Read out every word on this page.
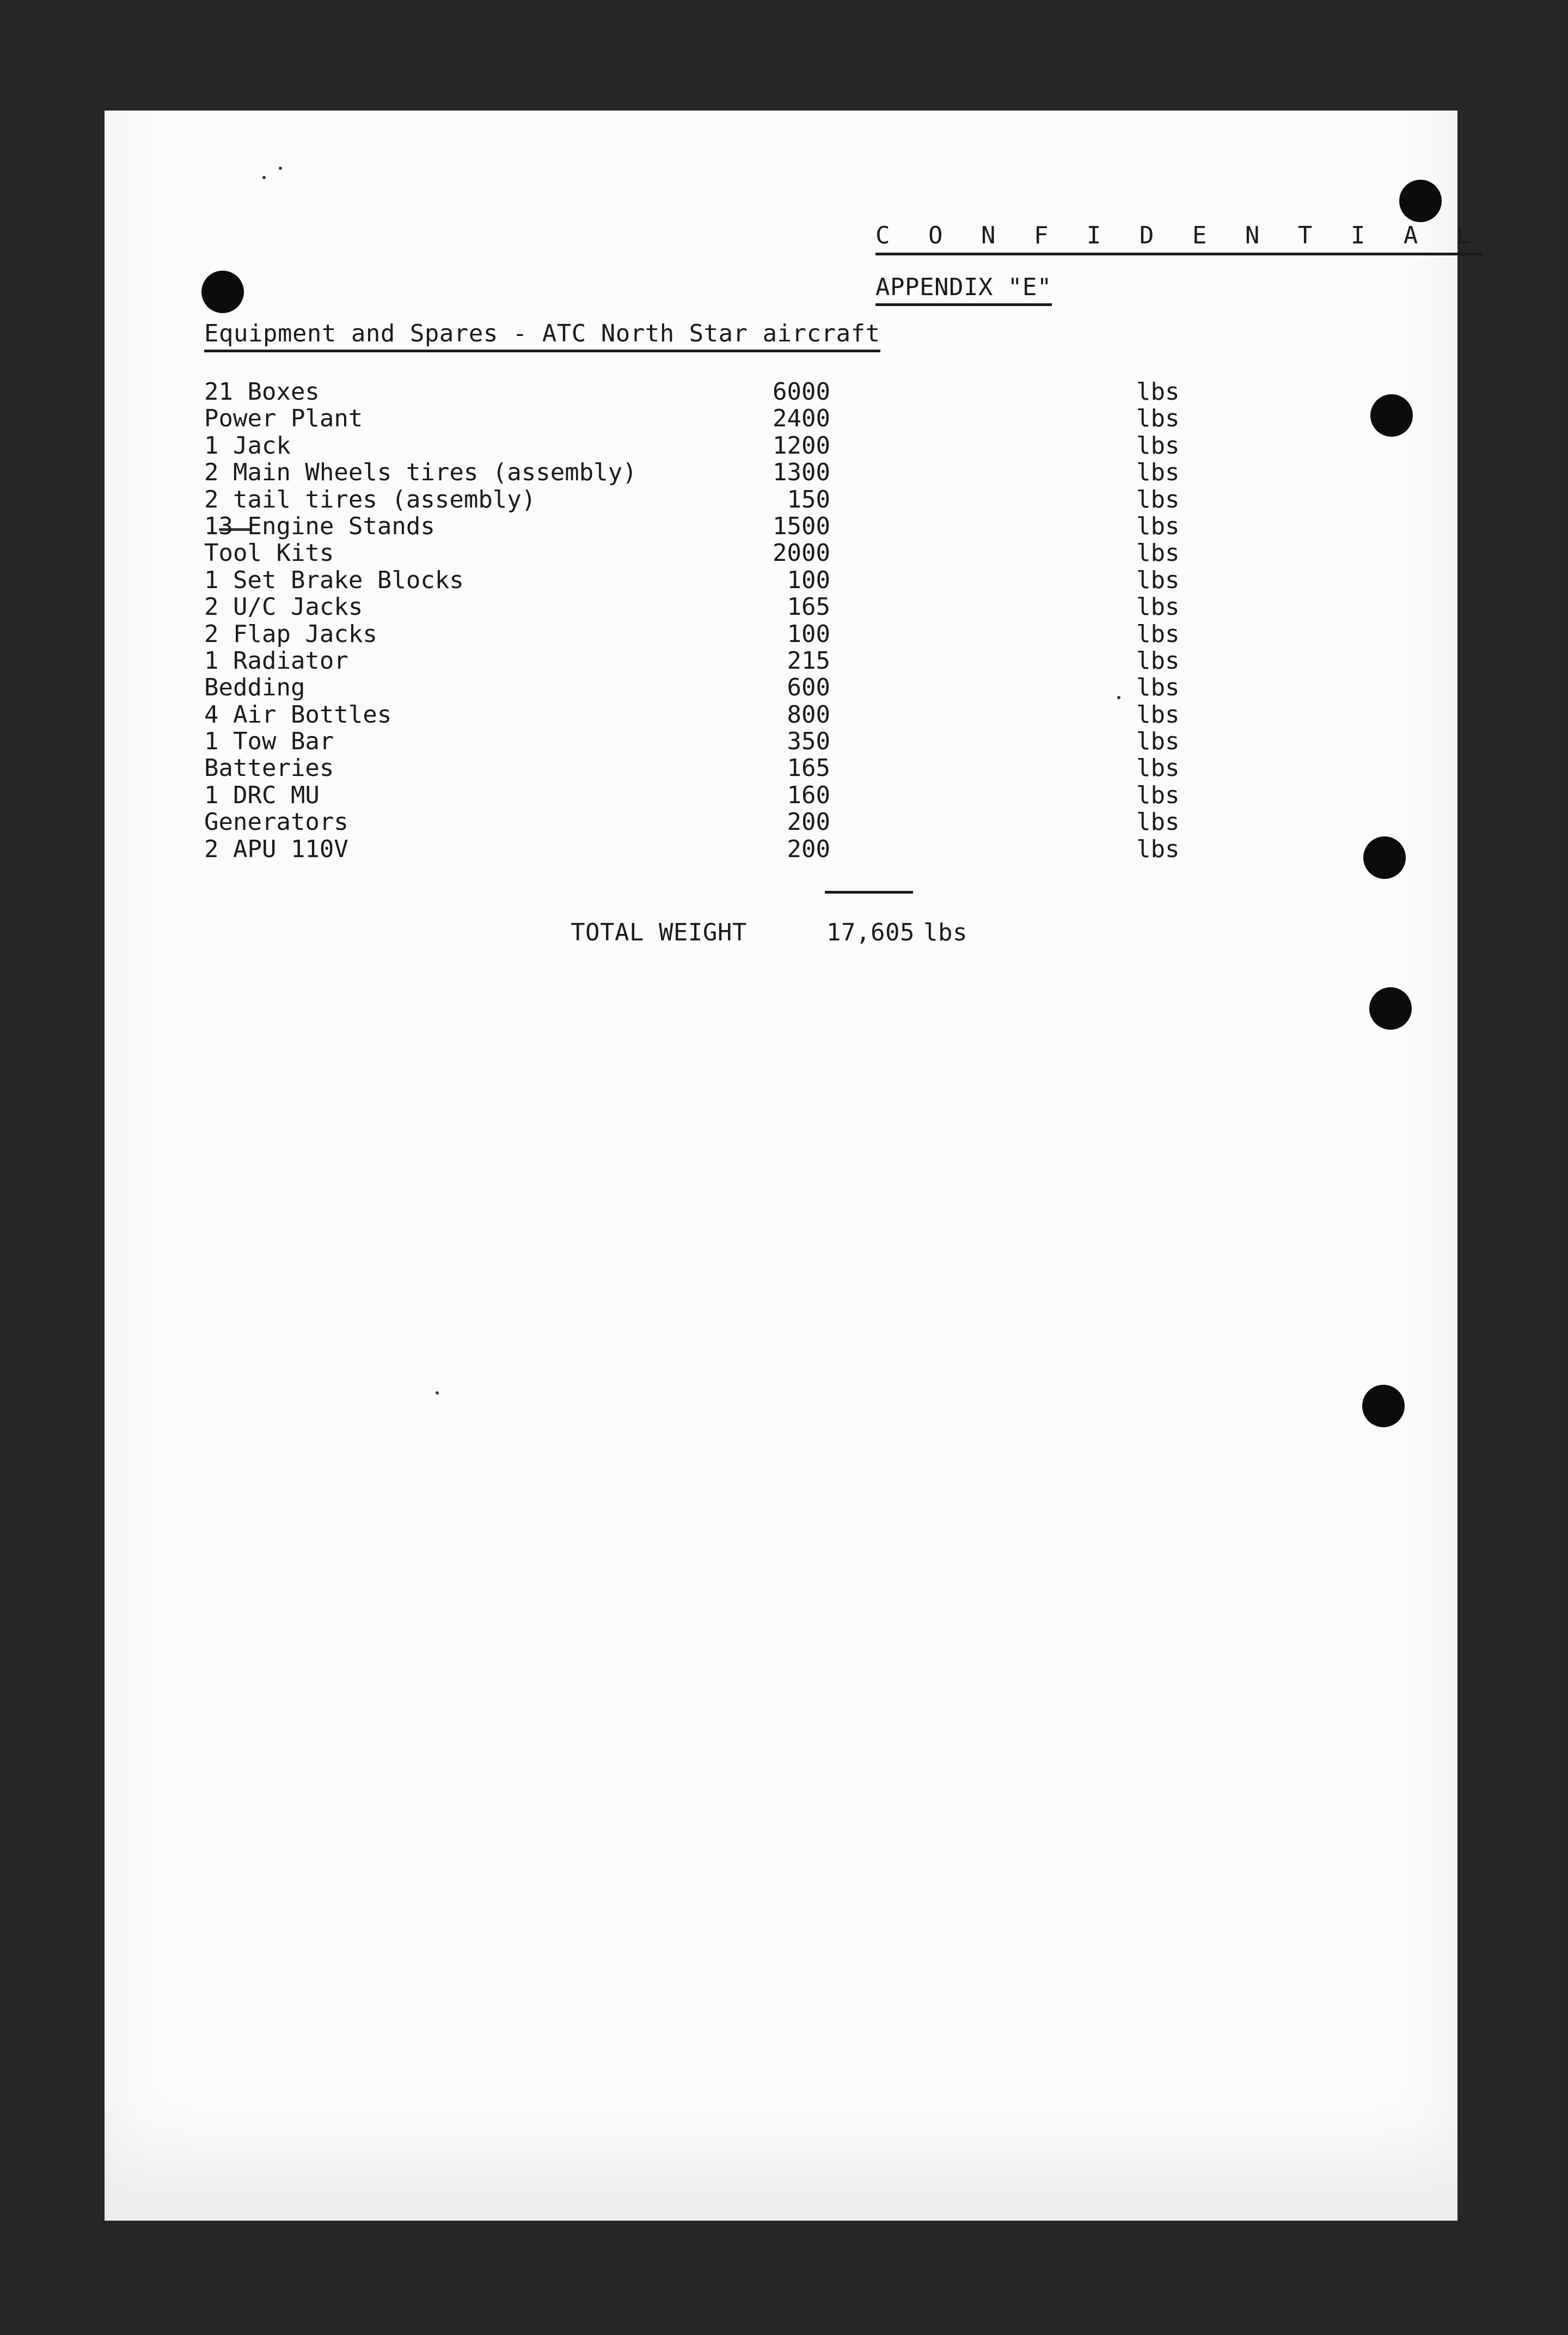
C O N F I D E N T I A L
APPENDIX "E"
Equipment and Spares - ATC North Star aircraft
21 Boxes	6000	lbs
Power Plant	2400	lbs
1 Jack	1200	lbs
2 Main Wheels tires (assembly)	1300	lbs
2 tail tires (assembly)	150	lbs
13 Engine Stands	1500	lbs
Tool Kits	2000	lbs
1 Set Brake Blocks	100	lbs
2 U/C Jacks	165	lbs
2 Flap Jacks	100	lbs
1 Radiator	215	lbs
Bedding	600	lbs
4 Air Bottles	800	lbs
1 Tow Bar	350	lbs
Batteries	165	lbs
1 DRC MU	160	lbs
Generators	200	lbs
2 APU 110V	200	lbs
TOTAL WEIGHT	17,605 lbs
